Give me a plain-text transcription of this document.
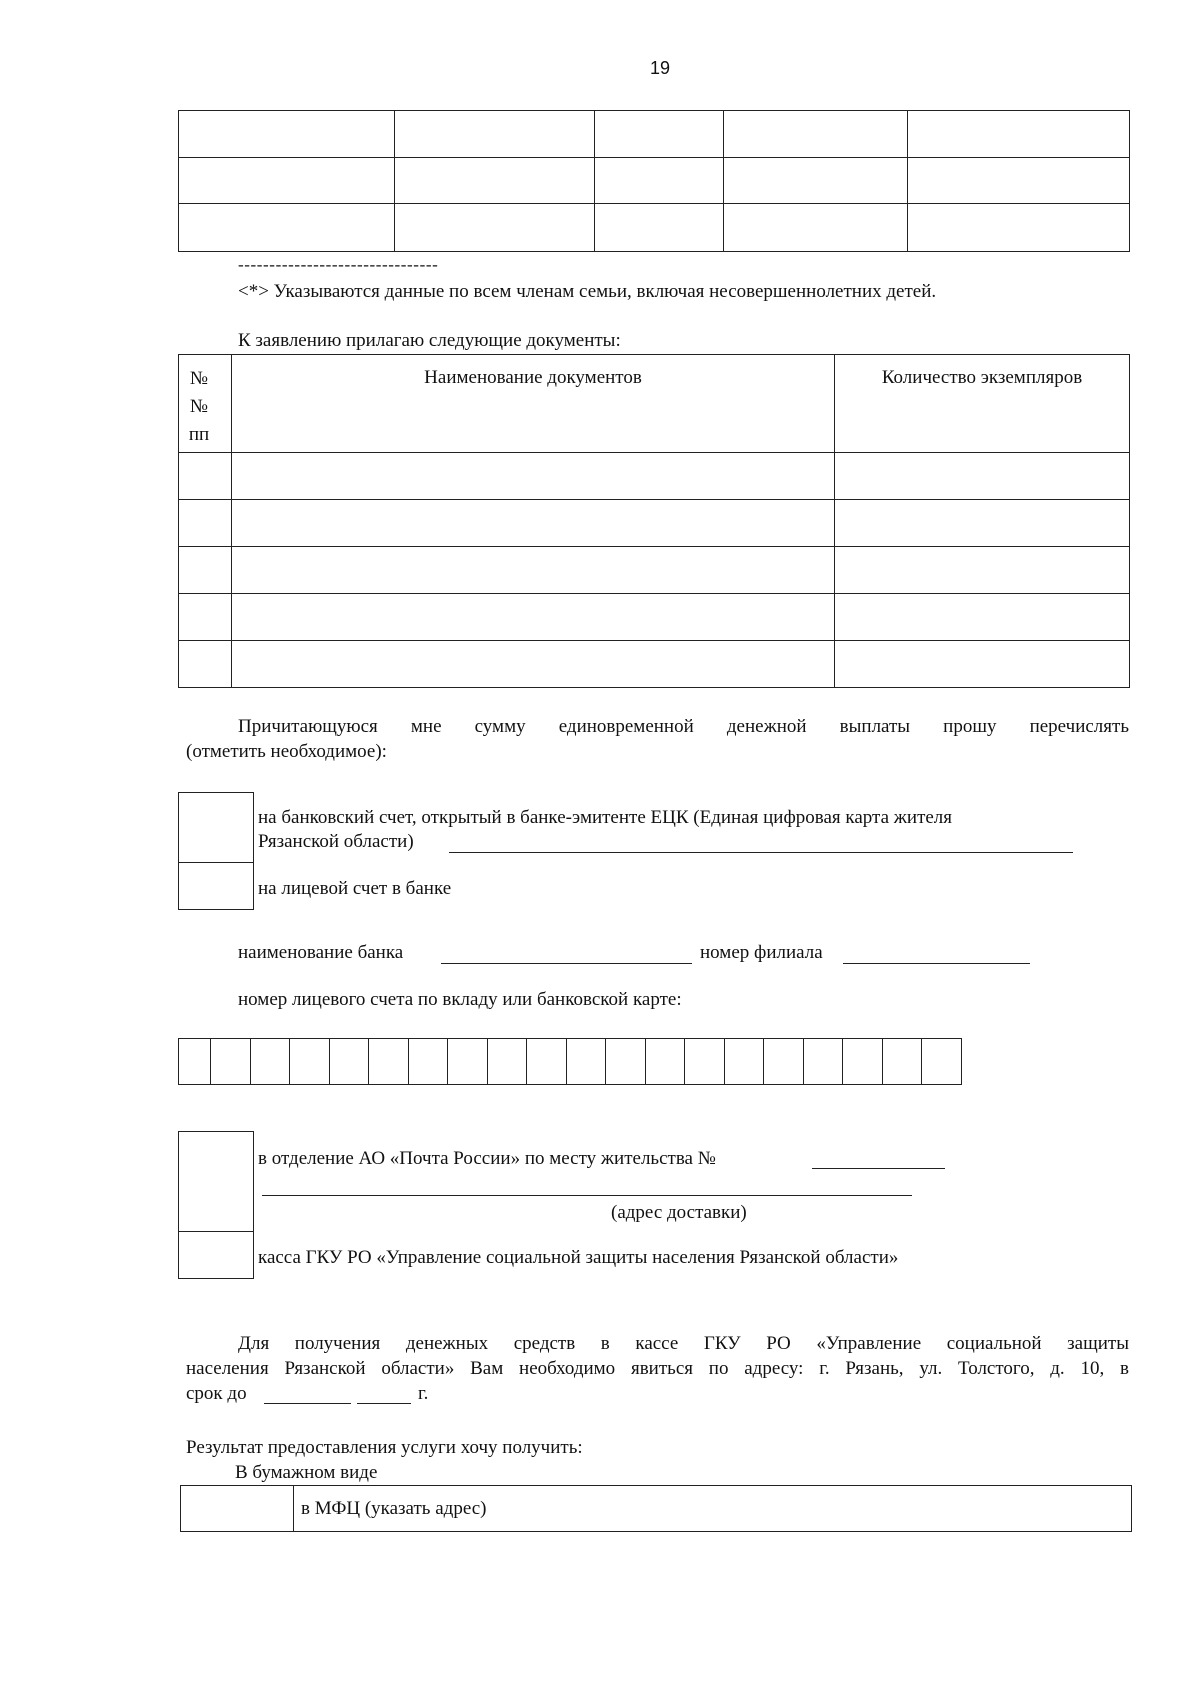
19

--------------------------------
<*> Указываются данные по всем членам семьи, включая несовершеннолетних детей.
К заявлению прилагаю следующие документы:
№ № пп	Наименование документов	Количество экземпляров

Причитающуюся мне сумму единовременной денежной выплаты прошу перечислять
(отметить необходимое):
на банковский счет, открытый в банке-эмитенте ЕЦК (Единая цифровая карта жителя
Рязанской области)
на лицевой счет в банке
наименование банка	номер филиала
номер лицевого счета по вкладу или банковской карте:
в отделение АО «Почта России» по месту жительства №
(адрес доставки)
касса ГКУ РО «Управление социальной защиты населения Рязанской области»
Для получения денежных средств в кассе ГКУ РО «Управление социальной защиты
населения Рязанской области» Вам необходимо явиться по адресу: г. Рязань, ул. Толстого, д. 10, в
срок до	г.
Результат предоставления услуги хочу получить:
В бумажном виде
	в МФЦ (указать адрес)
